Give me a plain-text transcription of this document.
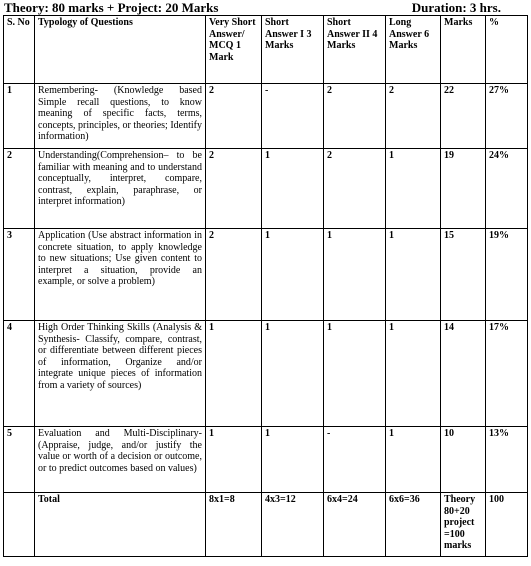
Theory: 80 marks + Project: 20 Marks	Duration: 3 hrs.
S. No	Typology of Questions	Very Short Answer/ MCQ 1 Mark	Short Answer I 3 Marks	Short Answer II 4 Marks	Long Answer 6 Marks	Marks	%
1	Remembering- (Knowledge based Simple recall questions, to know meaning of specific facts, terms, concepts, principles, or theories; Identify information)	2	-	2	2	22	27%
2	Understanding(Comprehension– to be familiar with meaning and to understand conceptually, interpret, compare, contrast, explain, paraphrase, or interpret information)	2	1	2	1	19	24%
3	Application (Use abstract information in concrete situation, to apply knowledge to new situations; Use given content to interpret a situation, provide an example, or solve a problem)	2	1	1	1	15	19%
4	High Order Thinking Skills (Analysis & Synthesis- Classify, compare, contrast, or differentiate between different pieces of information, Organize and/or integrate unique pieces of information from a variety of sources)	1	1	1	1	14	17%
5	Evaluation and Multi-Disciplinary- (Appraise, judge, and/or justify the value or worth of a decision or outcome, or to predict outcomes based on values)	1	1	-	1	10	13%
	Total	8x1=8	4x3=12	6x4=24	6x6=36	Theory 80+20 project =100 marks	100
